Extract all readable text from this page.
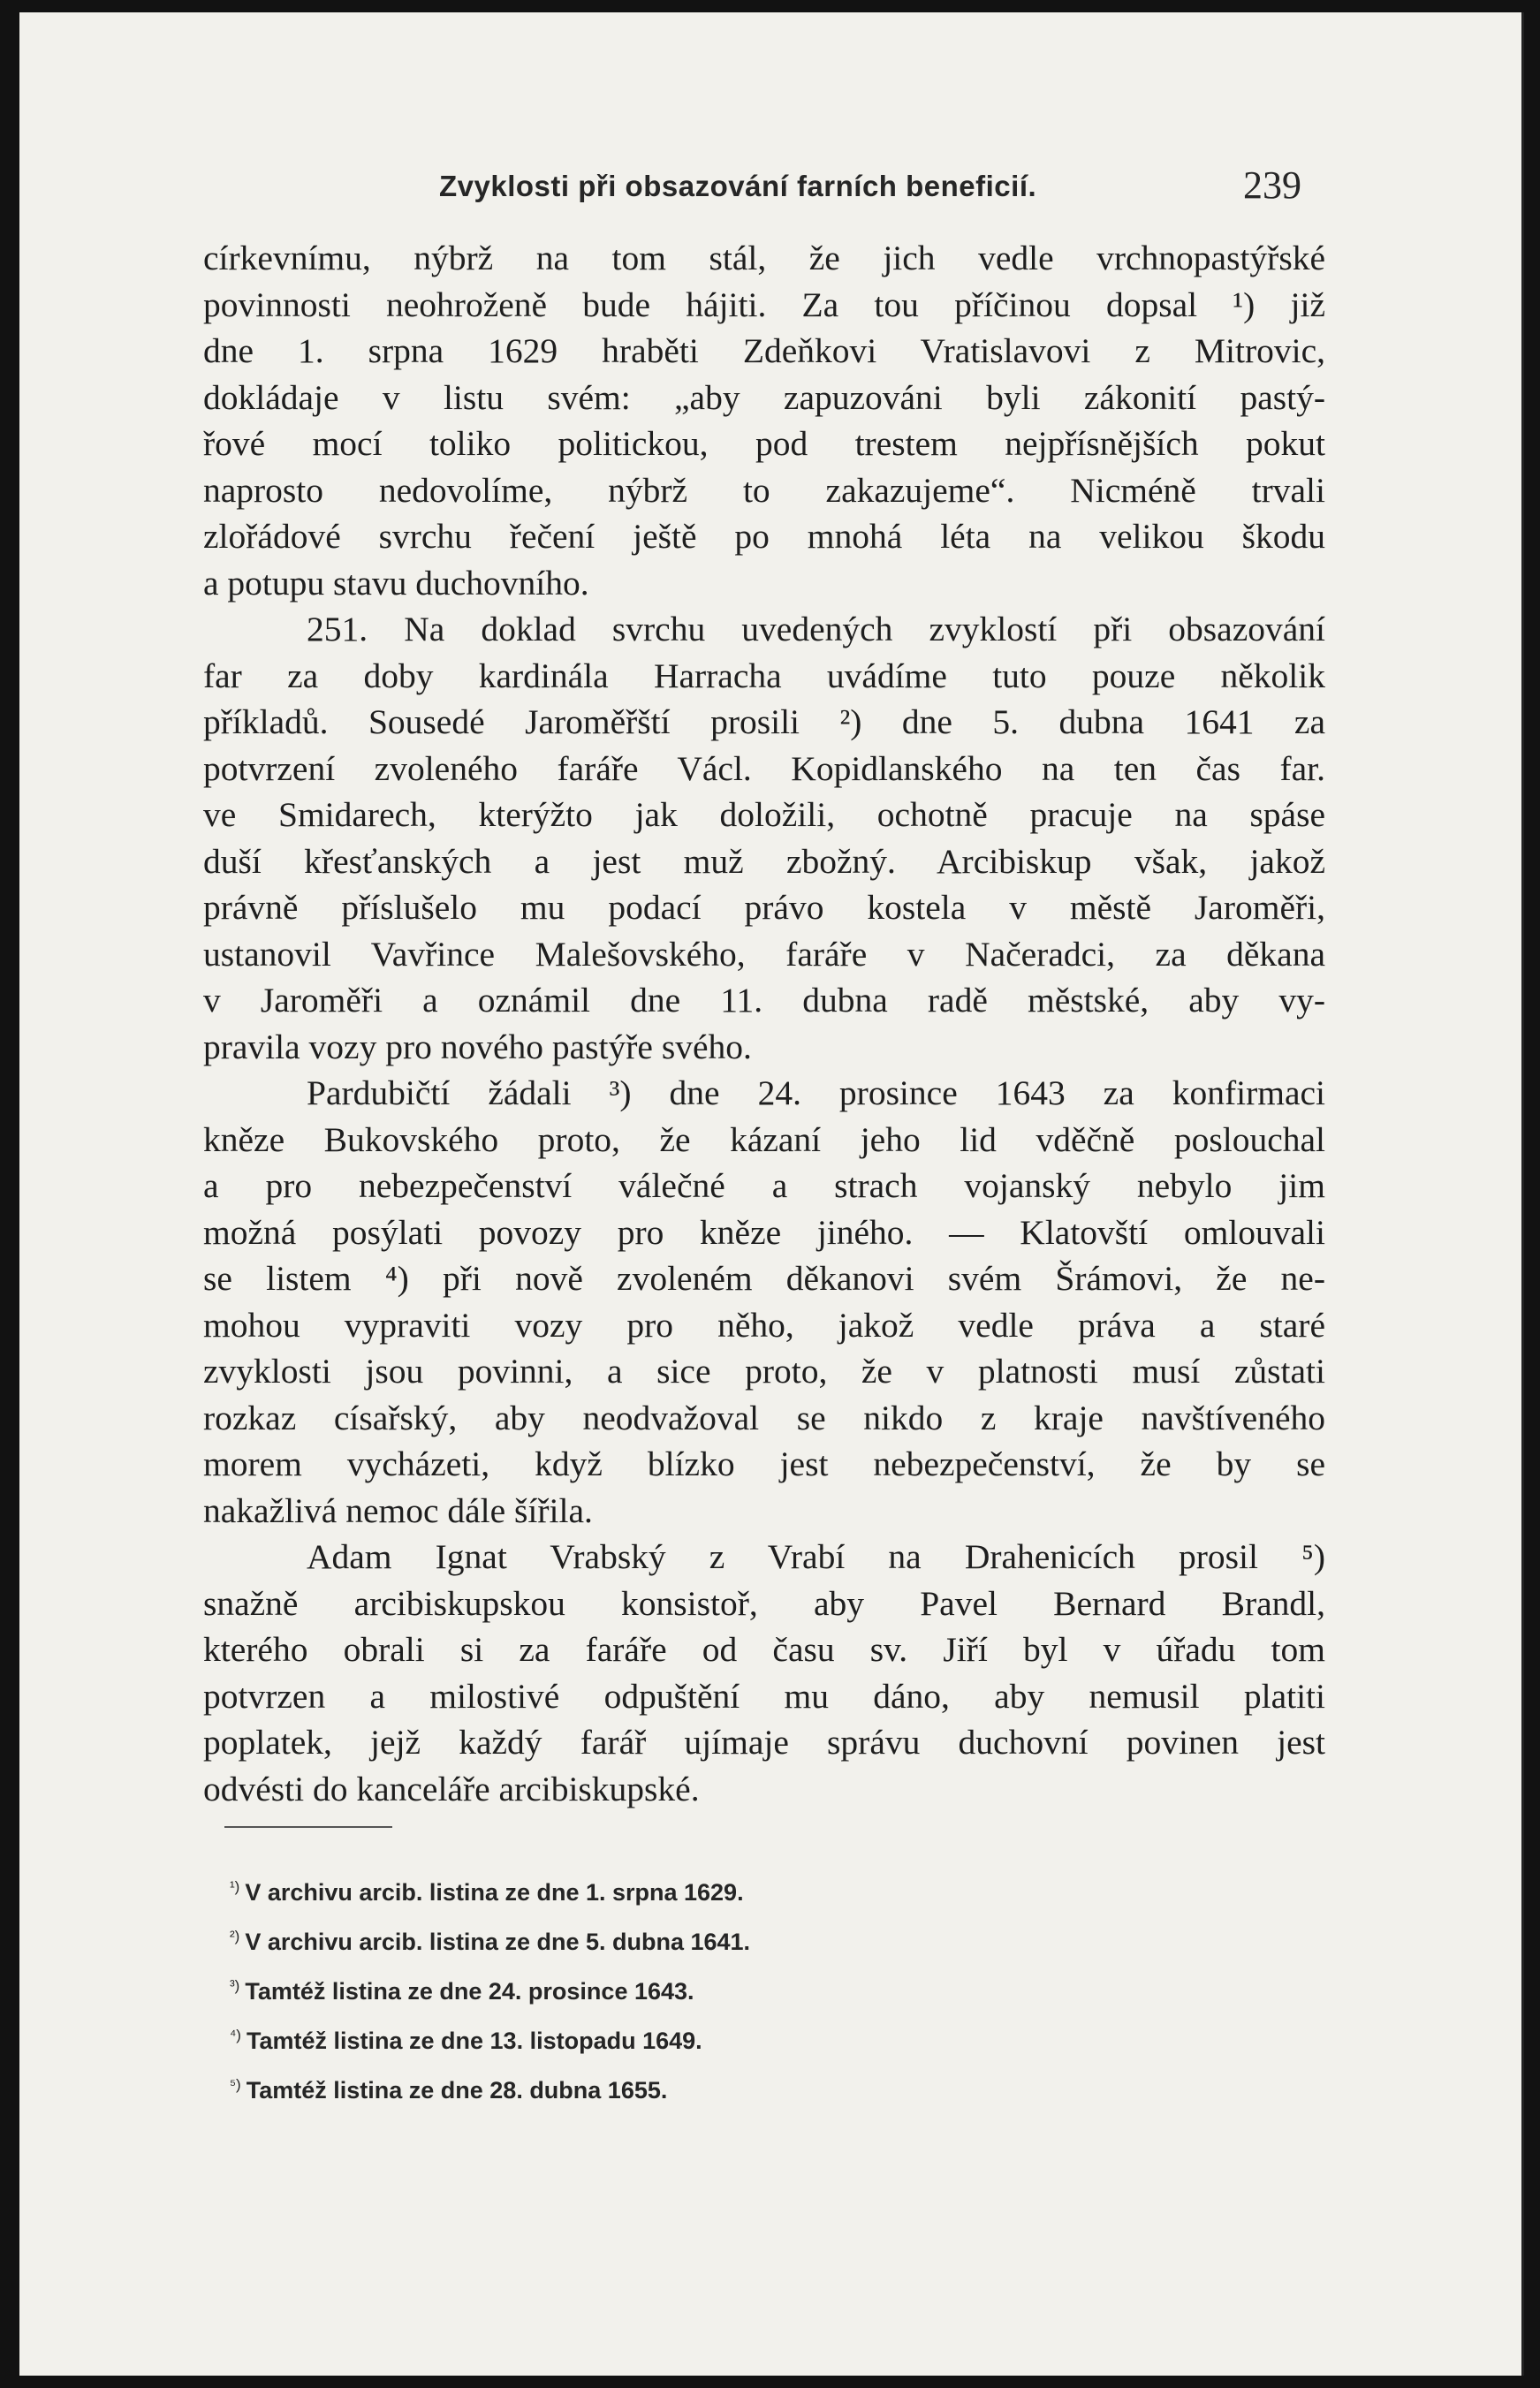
Zvyklosti při obsazování farních beneficií.	239
církevnímu, nýbrž na tom stál, že jich vedle vrchnopastýřské
povinnosti neohroženě bude hájiti. Za tou příčinou dopsal ¹) již
dne 1. srpna 1629 hraběti Zdeňkovi Vratislavovi z Mitrovic,
dokládaje v listu svém: „aby zapuzováni byli zákonití pastý-
řové mocí toliko politickou, pod trestem nejpřísnějších pokut
naprosto nedovolíme, nýbrž to zakazujeme“. Nicméně trvali
zlořádové svrchu řečení ještě po mnohá léta na velikou škodu
a potupu stavu duchovního.
251. Na doklad svrchu uvedených zvyklostí při obsazování
far za doby kardinála Harracha uvádíme tuto pouze několik
příkladů. Sousedé Jaroměřští prosili ²) dne 5. dubna 1641 za
potvrzení zvoleného faráře Václ. Kopidlanského na ten čas far.
ve Smidarech, kterýžto jak doložili, ochotně pracuje na spáse
duší křesťanských a jest muž zbožný. Arcibiskup však, jakož
právně příslušelo mu podací právo kostela v městě Jaroměři,
ustanovil Vavřince Malešovského, faráře v Načeradci, za děkana
v Jaroměři a oznámil dne 11. dubna radě městské, aby vy-
pravila vozy pro nového pastýře svého.
Pardubičtí žádali ³) dne 24. prosince 1643 za konfirmaci
kněze Bukovského proto, že kázaní jeho lid vděčně poslouchal
a pro nebezpečenství válečné a strach vojanský nebylo jim
možná posýlati povozy pro kněze jiného. — Klatovští omlouvali
se listem ⁴) při nově zvoleném děkanovi svém Šrámovi, že ne-
mohou vypraviti vozy pro něho, jakož vedle práva a staré
zvyklosti jsou povinni, a sice proto, že v platnosti musí zůstati
rozkaz císařský, aby neodvažoval se nikdo z kraje navštíveného
morem vycházeti, když blízko jest nebezpečenství, že by se
nakažlivá nemoc dále šířila.
Adam Ignat Vrabský z Vrabí na Drahenicích prosil ⁵)
snažně arcibiskupskou konsistoř, aby Pavel Bernard Brandl,
kterého obrali si za faráře od času sv. Jiří byl v úřadu tom
potvrzen a milostivé odpuštění mu dáno, aby nemusil platiti
poplatek, jejž každý farář ujímaje správu duchovní povinen jest
odvésti do kanceláře arcibiskupské.
$^{^1)}$ V archivu arcib. listina ze dne 1. srpna 1629.
$^{^2)}$ V archivu arcib. listina ze dne 5. dubna 1641.
$^{^3)}$ Tamtéž listina ze dne 24. prosince 1643.
$^{^4)}$ Tamtéž listina ze dne 13. listopadu 1649.
$^{^5)}$ Tamtéž listina ze dne 28. dubna 1655.
